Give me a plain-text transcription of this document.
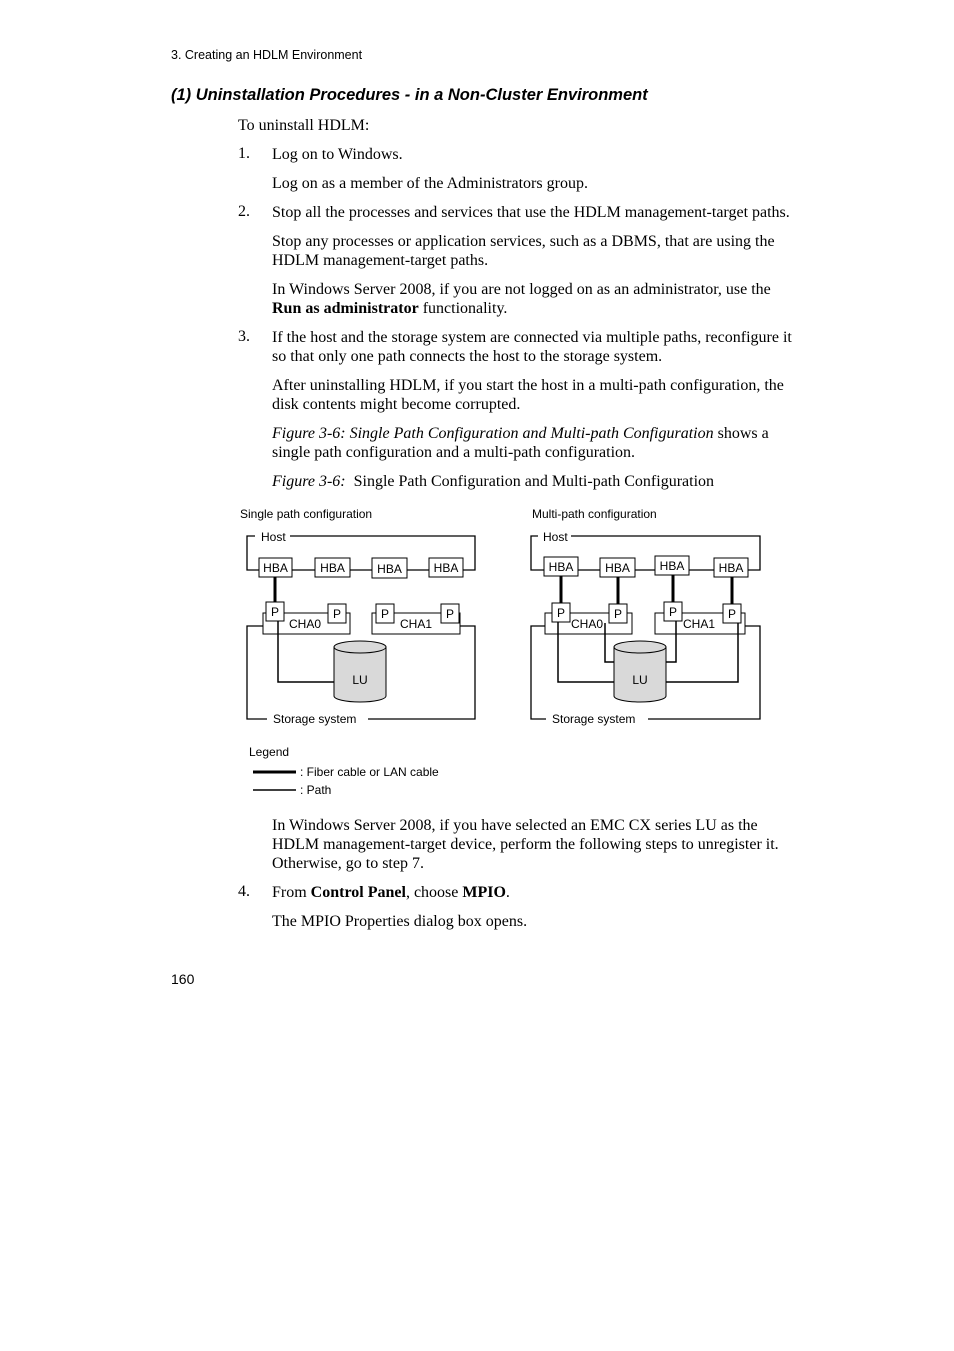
3. Creating an HDLM Environment
(1) Uninstallation Procedures - in a Non-Cluster Environment
To uninstall HDLM:
1. Log on to Windows.
Log on as a member of the Administrators group.
2. Stop all the processes and services that use the HDLM management-target paths.
Stop any processes or application services, such as a DBMS, that are using the
HDLM management-target paths.
In Windows Server 2008, if you are not logged on as an administrator, use the
Run as administrator functionality.
3. If the host and the storage system are connected via multiple paths, reconfigure it
so that only one path connects the host to the storage system.
After uninstalling HDLM, if you start the host in a multi-path configuration, the
disk contents might become corrupted.
Figure 3-6: Single Path Configuration and Multi-path Configuration shows a
single path configuration and a multi-path configuration.
Figure 3-6: Single Path Configuration and Multi-path Configuration
Single path configuration
Host
HBA	HBA	HBA	HBA
Storage system
CHA0	CHA1
P	P	P	P
LU
Multi-path configuration
Host
HBA	HBA HBA	HBA
Storage system
CHA0	CHA1
P	P	P	P
LU
Legend
: Fiber cable or LAN cable
: Path
In Windows Server 2008, if you have selected an EMC CX series LU as the
HDLM management-target device, perform the following steps to unregister it.
Otherwise, go to step 7.
4. From Control Panel, choose MPIO.
The MPIO Properties dialog box opens.
160
